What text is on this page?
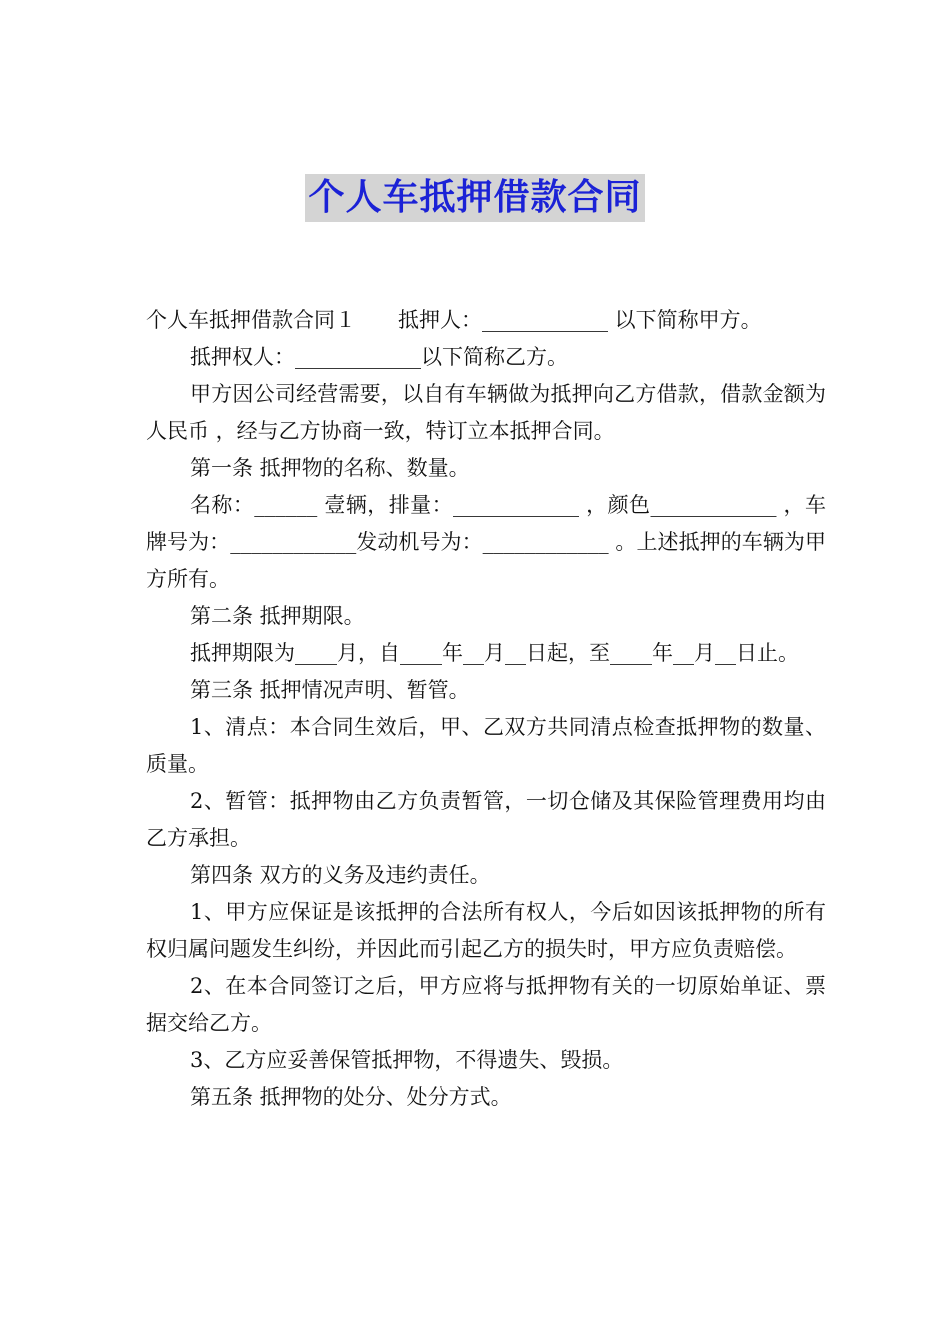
个人车抵押借款合同

个人车抵押借款合同１　　抵押人：____________ 以下简称甲方。

抵押权人：____________以下简称乙方。

甲方因公司经营需要，以自有车辆做为抵押向乙方借款，借款金额为人民币 ，经与乙方协商一致，特订立本抵押合同。

第一条 抵押物的名称、数量。

名称：______ 壹辆，排量：____________ ，颜色____________ ，车牌号为：____________发动机号为：____________ 。上述抵押的车辆为甲方所有。

第二条 抵押期限。

抵押期限为____月，自____年__月__日起，至____年__月__日止。

第三条 抵押情况声明、暂管。

1、清点：本合同生效后，甲、乙双方共同清点检查抵押物的数量、质量。

2、暂管：抵押物由乙方负责暂管，一切仓储及其保险管理费用均由乙方承担。

第四条 双方的义务及违约责任。

1、甲方应保证是该抵押的合法所有权人，今后如因该抵押物的所有权归属问题发生纠纷，并因此而引起乙方的损失时，甲方应负责赔偿。

2、在本合同签订之后，甲方应将与抵押物有关的一切原始单证、票据交给乙方。

3、乙方应妥善保管抵押物，不得遗失、毁损。

第五条 抵押物的处分、处分方式。
